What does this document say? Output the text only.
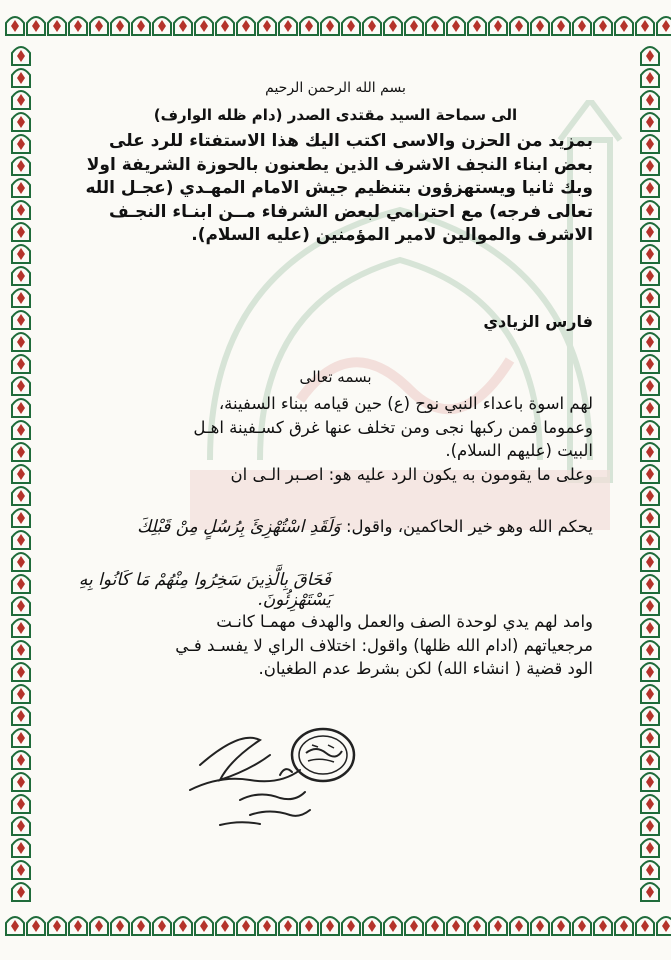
بسم الله الرحمن الرحيم
الى سماحة السيد مقتدى الصدر (دام ظله الوارف)
بمزيد من الحزن والاسى اكتب اليك هذا الاستفتاء للرد على
بعض ابناء النجف الاشرف الذين يطعنون بالحوزة الشريفة اولا
وبك ثانيا ويستهزؤون بتنظيم جيش الامام المهـدي (عجـل الله
تعالى فرجه) مع احترامي لبعض الشرفاء مــن ابنـاء النجـف
الاشرف والموالين لامير المؤمنين (عليه السلام).
فارس الزيادي
بسمه تعالى

لهم اسوة باعداء النبي نوح (ع) حين قيامه ببناء السفينة،

وعموما فمن ركبها نجى ومن تخلف عنها غرق كسـفينة اهـل

البيت (عليهم السلام).

وعلى ما يقومون به يكون الرد عليه هو: اصـبر الـى ان

يحكم الله وهو خير الحاكمين، واقول: وَلَقَدِ اسْتُهْزِئَ بِرُسُلٍ مِنْ قَبْلِكَ
فَحَاقَ بِالَّذِينَ سَخِرُوا مِنْهُمْ مَا كَانُوا بِهِ يَسْتَهْزِئُونَ.
وامد لهم يدي لوحدة الصف والعمل والهدف مهمـا كانـت
مرجعياتهم (ادام الله ظلها) واقول: اختلاف الراي لا يفسـد فـي
الود قضية ( انشاء الله) لكن بشرط عدم الطغيان.
